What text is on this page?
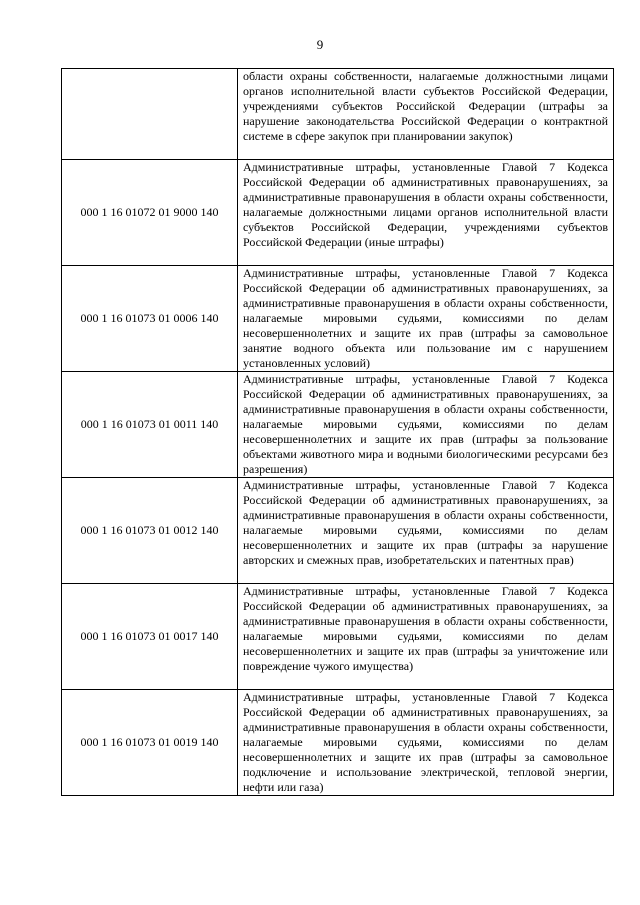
9
	области охраны собственности, налагаемые должностными лицами органов исполнительной власти субъектов Российской Федерации, учреждениями субъектов Российской Федерации (штрафы за нарушение законодательства Российской Федерации о контрактной системе в сфере закупок при планировании закупок)
000 1 16 01072 01 9000 140	Административные штрафы, установленные Главой 7 Кодекса Российской Федерации об административных правонарушениях, за административные правонарушения в области охраны собственности, налагаемые должностными лицами органов исполнительной власти субъектов Российской Федерации, учреждениями субъектов Российской Федерации (иные штрафы)
000 1 16 01073 01 0006 140	Административные штрафы, установленные Главой 7 Кодекса Российской Федерации об административных правонарушениях, за административные правонарушения в области охраны собственности, налагаемые мировыми судьями, комиссиями по делам несовершеннолетних и защите их прав (штрафы за самовольное занятие водного объекта или пользование им с нарушением установленных условий)
000 1 16 01073 01 0011 140	Административные штрафы, установленные Главой 7 Кодекса Российской Федерации об административных правонарушениях, за административные правонарушения в области охраны собственности, налагаемые мировыми судьями, комиссиями по делам несовершеннолетних и защите их прав (штрафы за пользование объектами животного мира и водными биологическими ресурсами без разрешения)
000 1 16 01073 01 0012 140	Административные штрафы, установленные Главой 7 Кодекса Российской Федерации об административных правонарушениях, за административные правонарушения в области охраны собственности, налагаемые мировыми судьями, комиссиями по делам несовершеннолетних и защите их прав (штрафы за нарушение авторских и смежных прав, изобретательских и патентных прав)
000 1 16 01073 01 0017 140	Административные штрафы, установленные Главой 7 Кодекса Российской Федерации об административных правонарушениях, за административные правонарушения в области охраны собственности, налагаемые мировыми судьями, комиссиями по делам несовершеннолетних и защите их прав (штрафы за уничтожение или повреждение чужого имущества)
000 1 16 01073 01 0019 140	Административные штрафы, установленные Главой 7 Кодекса Российской Федерации об административных правонарушениях, за административные правонарушения в области охраны собственности, налагаемые мировыми судьями, комиссиями по делам несовершеннолетних и защите их прав (штрафы за самовольное подключение и использование электрической, тепловой энергии, нефти или газа)
